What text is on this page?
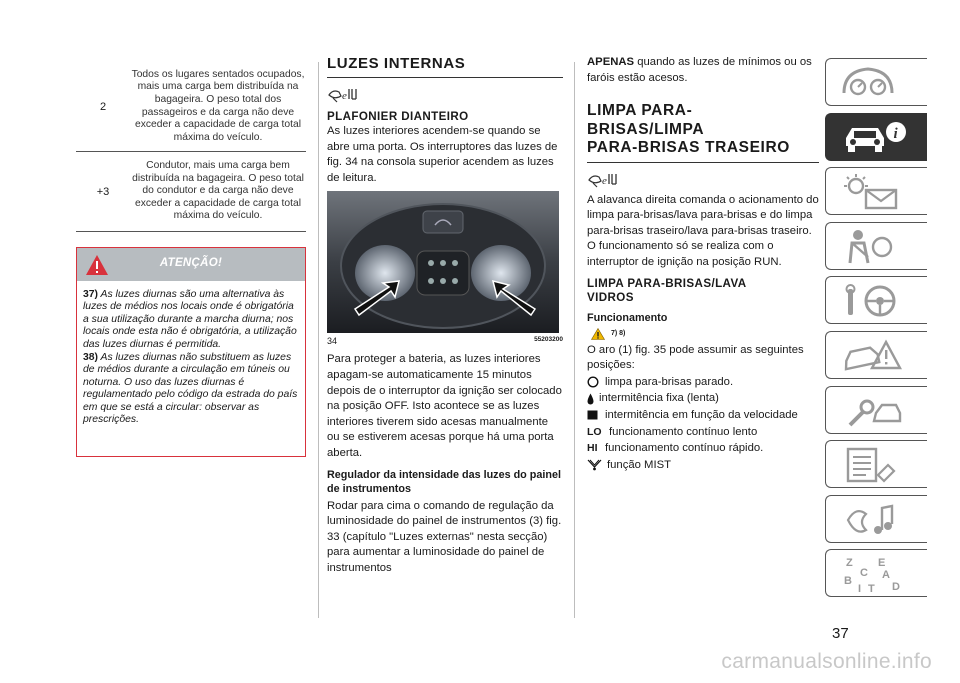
2
Todos os lugares sentados ocupados, mais uma carga bem distribuída na bagageira. O peso total dos passageiros e da carga não deve exceder a capacidade de carga total máxima do veículo.
+3
Condutor, mais uma carga bem distribuída na bagageira. O peso total do condutor e da carga não deve exceder a capacidade de carga total máxima do veículo.
ATENÇÃO!

37) As luzes diurnas são uma alternativa às luzes de médios nos locais onde é obrigatória a sua utilização durante a marcha diurna; nos locais onde esta não é obrigatória, a utilização das luzes diurnas é permitida.

38) As luzes diurnas não substituem as luzes de médios durante a circulação em túneis ou noturna. O uso das luzes diurnas é regulamentado pelo código da estrada do país em que se está a circular: observar as prescrições.

LUZES INTERNAS
e
PLAFONIER DIANTEIRO
As luzes interiores acendem-se quando se abre uma porta. Os interruptores das luzes de fig. 34 na consola superior acendem as luzes de leitura.
34	55203200
Para proteger a bateria, as luzes interiores apagam-se automaticamente 15 minutos depois de o interruptor da ignição ser colocado na posição OFF. Isto acontece se as luzes interiores tiverem sido acesas manualmente ou se estiverem acesas porque há uma porta aberta.
Regulador da intensidade das luzes do painel de instrumentos
Rodar para cima o comando de regulação da luminosidade do painel de instrumentos (3) fig. 33 (capítulo "Luzes externas" nesta secção) para aumentar a luminosidade do painel de instrumentos
APENAS quando as luzes de mínimos ou os faróis estão acesos.
LIMPA PARA-
BRISAS/LIMPA
PARA-BRISAS TRASEIRO
e
A alavanca direita comanda o acionamento do limpa para-brisas/lava para-brisas e do limpa para-brisas traseiro/lava para-brisas traseiro.
O funcionamento só se realiza com o interruptor de ignição na posição RUN.
LIMPA PARA-BRISAS/LAVA
VIDROS
Funcionamento
7) 8)
O aro (1) fig. 35 pode assumir as seguintes posições:
limpa para-brisas parado.
intermitência fixa (lenta)
intermitência em função da velocidade
LO funcionamento contínuo lento
HI funcionamento contínuo rápido.
função MIST
i
Z E
C A
B
I T D
37
carmanualsonline.info
